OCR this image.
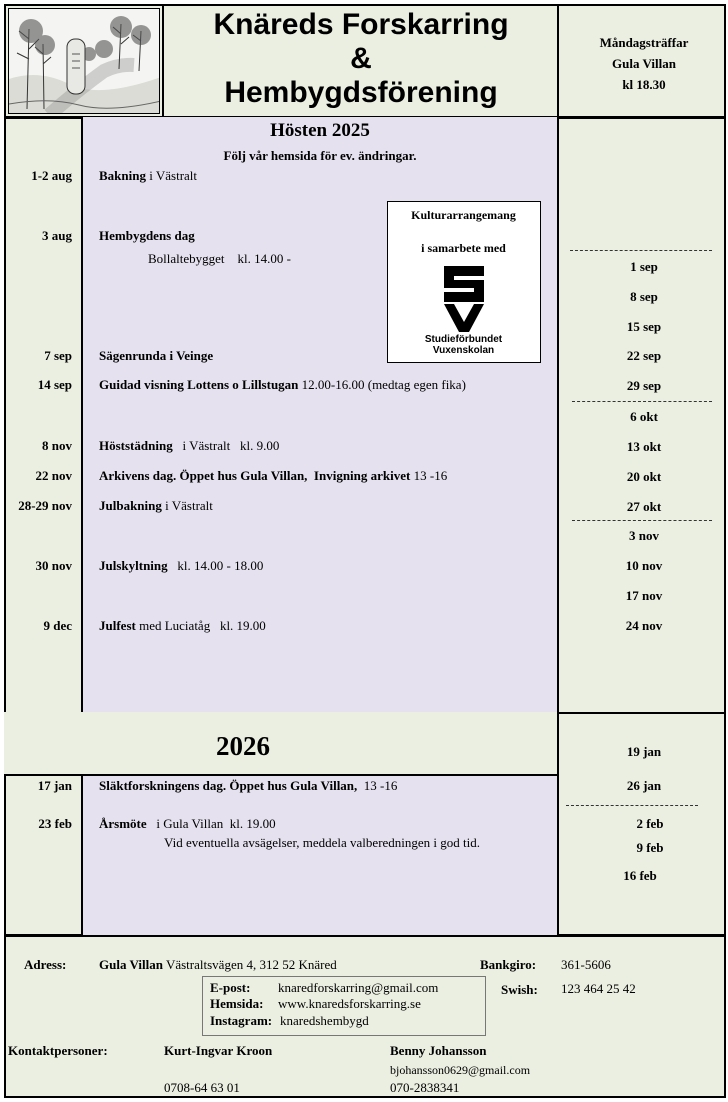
Knäreds Forskarring
&
Hembygdsförening
Måndagsträffar
Gula Villan
kl 18.30
Hösten 2025
Följ vår hemsida för ev. ändringar.
1-2 aug Bakning i Västralt
3 aug Hembygdens dag
Bollaltebygget    kl. 14.00 -
7 sep Sägenrunda i Veinge
14 sep Guidad visning Lottens o Lillstugan 12.00-16.00 (medtag egen fika)
8 nov Höststädning   i Västralt   kl. 9.00
22 nov Arkivens dag. Öppet hus Gula Villan,  Invigning arkivet 13 -16
28-29 nov Julbakning i Västralt
30 nov Julskyltning   kl. 14.00 - 18.00
9 dec Julfest med Luciatåg   kl. 19.00
Kulturarrangemang
i samarbete med
Studieförbundet
Vuxenskolan
1 sep
8 sep
15 sep
22 sep
29 sep
6 okt
13 okt
20 okt
27 okt
3 nov
10 nov
17 nov
24 nov
2026
17 jan Släktforskningens dag. Öppet hus Gula Villan,  13 -16
23 feb Årsmöte   i Gula Villan  kl. 19.00
Vid eventuella avsägelser, meddela valberedningen i god tid.
19 jan
26 jan
2 feb
9 feb
16 feb
Adress:	Gula Villan Västraltsvägen 4, 312 52 Knäred
E-post: knaredforskarring@gmail.com
Hemsida: www.knaredsforskarring.se
Instagram: knaredshembygd
Bankgiro: 361-5606
Swish: 123 464 25 42
Kontaktpersoner:	Kurt-Ingvar Kroon
0708-64 63 01
Benny Johansson
bjohansson0629@gmail.com
070-2838341
